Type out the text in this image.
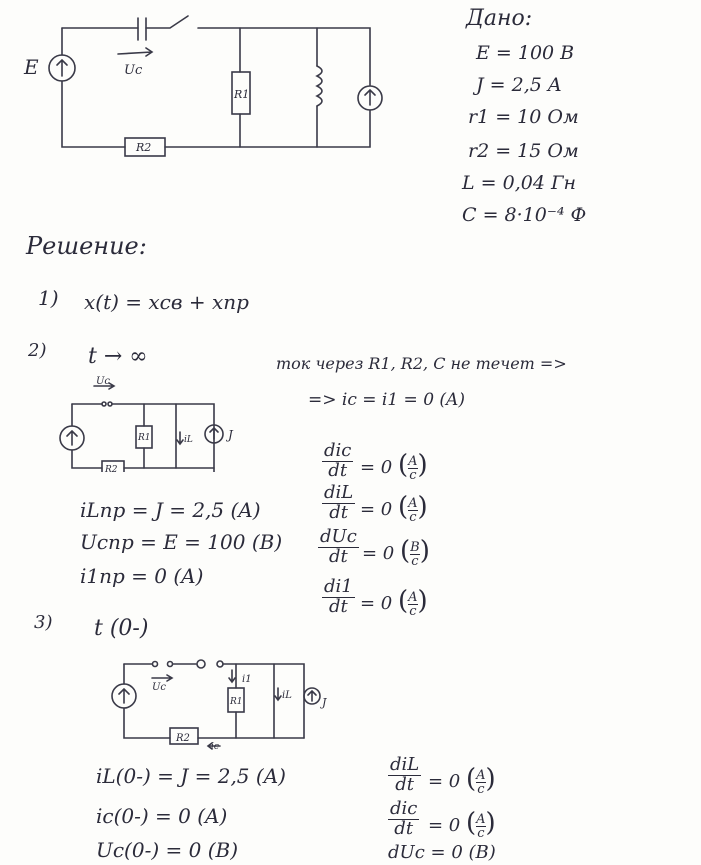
E	Uc
R1
R2
Дано:
E = 100 B
J = 2,5 A
r1 = 10 Ом
r2 = 15 Ом
L = 0,04 Гн
C = 8·10⁻⁴ Ф
Решение:
1) x(t) = xсв + xпр
2) t → ∞	ток через R1, R2, C не течет =>
=> ic = i1 = 0 (A)
Uc
R1
R2
iL	J
iLпр = J = 2,5 (A)
Ucпр = E = 100 (B)
i1пр = 0 (A)
dic
dt = 0 ( $\frac{A}{c}$ )
diL
dt = 0 ( $\frac{A}{c}$ )
dUc
dt = 0 ( $\frac{B}{c}$ )
$\frac{di1}{dt} = 0$ ( $\frac{A}{c}$ )
3) t (0-)
Uc
i1
R1
iL
J
R2
ic
iL(0-) = J = 2,5 (A)
ic(0-) = 0 (A)
Uc(0-) = 0 (B)
diL
dt = 0 ( $\frac{A}{c}$ )
dic
dt = 0 ( $\frac{A}{c}$ )
dUc = 0 (B)
